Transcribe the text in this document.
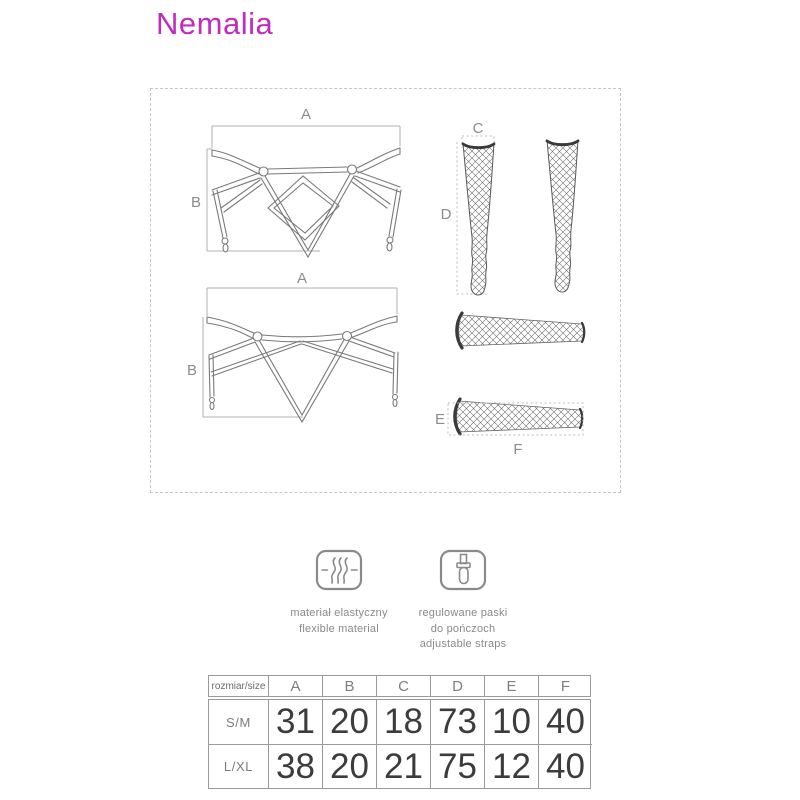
Nemalia
A
B
A
B
C
D
E
F
materiał elastyczny
flexible material
regulowane paski
do pończoch
adjustable straps
rozmiar/size	A	B	C	D	E	F
S/M 31 20 18 73 10 40
L/XL 38 20 21 75 12 40
